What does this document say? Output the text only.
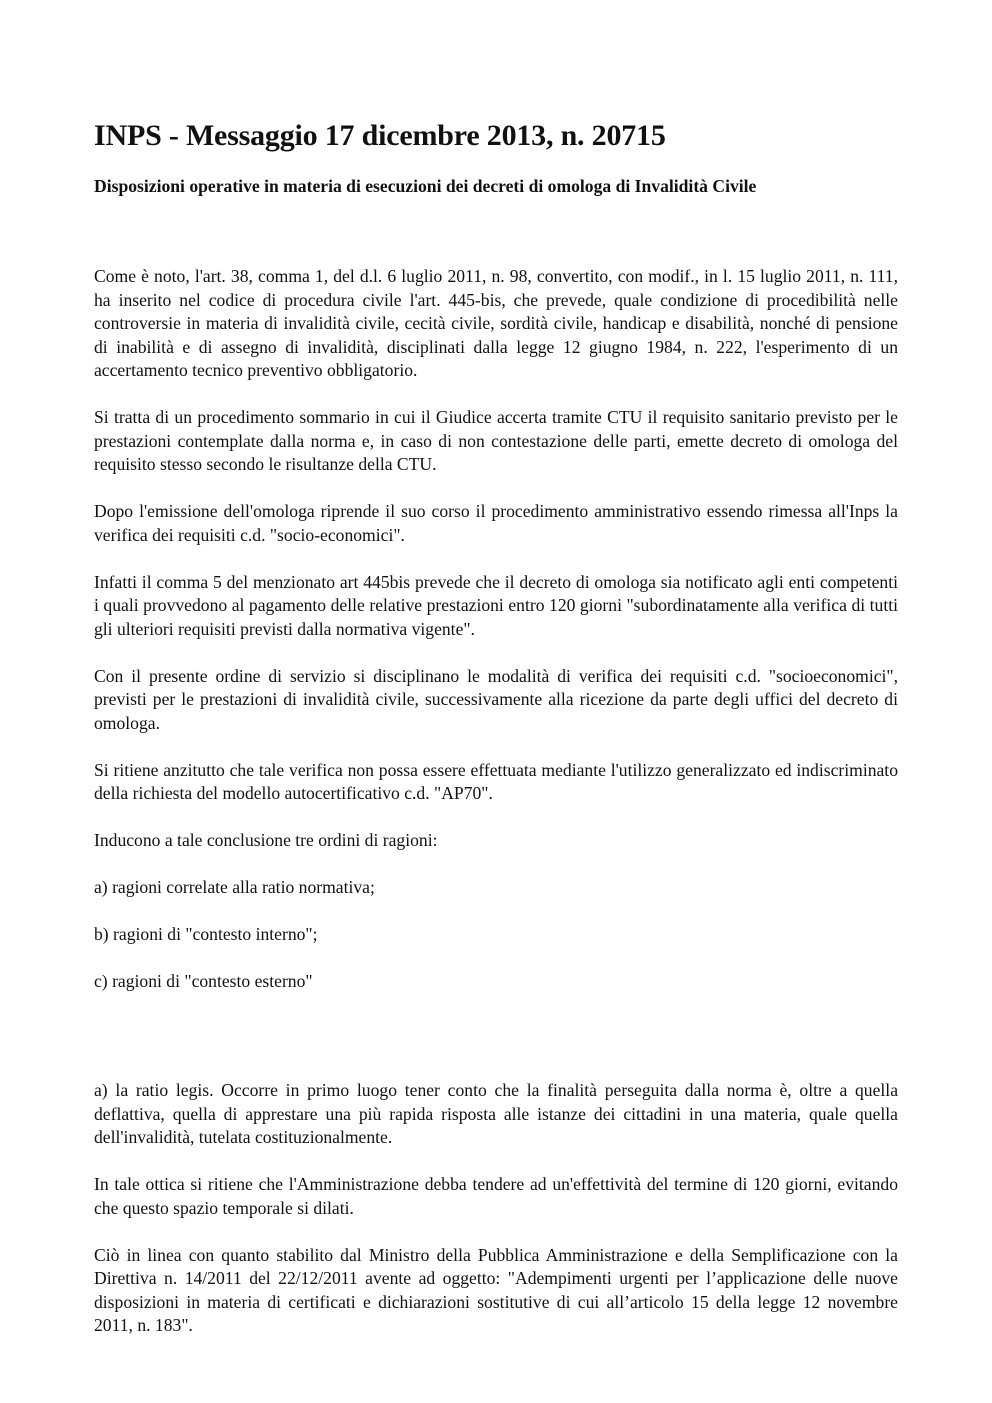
INPS - Messaggio 17 dicembre 2013, n. 20715
Disposizioni operative in materia di esecuzioni dei decreti di omologa di Invalidità Civile

Come è noto, l'art. 38, comma 1, del d.l. 6 luglio 2011, n. 98, convertito, con modif., in l. 15 luglio 2011, n. 111, ha inserito nel codice di procedura civile l'art. 445-bis, che prevede, quale condizione di procedibilità nelle controversie in materia di invalidità civile, cecità civile, sordità civile, handicap e disabilità, nonché di pensione di inabilità e di assegno di invalidità, disciplinati dalla legge 12 giugno 1984, n. 222, l'esperimento di un accertamento tecnico preventivo obbligatorio.

Si tratta di un procedimento sommario in cui il Giudice accerta tramite CTU il requisito sanitario previsto per le prestazioni contemplate dalla norma e, in caso di non contestazione delle parti, emette decreto di omologa del requisito stesso secondo le risultanze della CTU.

Dopo l'emissione dell'omologa riprende il suo corso il procedimento amministrativo essendo rimessa all'Inps la verifica dei requisiti c.d. "socio-economici".

Infatti il comma 5 del menzionato art 445bis prevede che il decreto di omologa sia notificato agli enti competenti i quali provvedono al pagamento delle relative prestazioni entro 120 giorni "subordinatamente alla verifica di tutti gli ulteriori requisiti previsti dalla normativa vigente".

Con il presente ordine di servizio si disciplinano le modalità di verifica dei requisiti c.d. "socioeconomici", previsti per le prestazioni di invalidità civile, successivamente alla ricezione da parte degli uffici del decreto di omologa.

Si ritiene anzitutto che tale verifica non possa essere effettuata mediante l'utilizzo generalizzato ed indiscriminato della richiesta del modello autocertificativo c.d. "AP70".

Inducono a tale conclusione tre ordini di ragioni:

a) ragioni correlate alla ratio normativa;
b) ragioni di "contesto interno";
c) ragioni di "contesto esterno"

a) la ratio legis. Occorre in primo luogo tener conto che la finalità perseguita dalla norma è, oltre a quella deflattiva, quella di apprestare una più rapida risposta alle istanze dei cittadini in una materia, quale quella dell'invalidità, tutelata costituzionalmente.

In tale ottica si ritiene che l'Amministrazione debba tendere ad un'effettività del termine di 120 giorni, evitando che questo spazio temporale si dilati.

Ciò in linea con quanto stabilito dal Ministro della Pubblica Amministrazione e della Semplificazione con la Direttiva n. 14/2011 del 22/12/2011 avente ad oggetto: "Adempimenti urgenti per l’applicazione delle nuove disposizioni in materia di certificati e dichiarazioni sostitutive di cui all’articolo 15 della legge 12 novembre 2011, n. 183".
